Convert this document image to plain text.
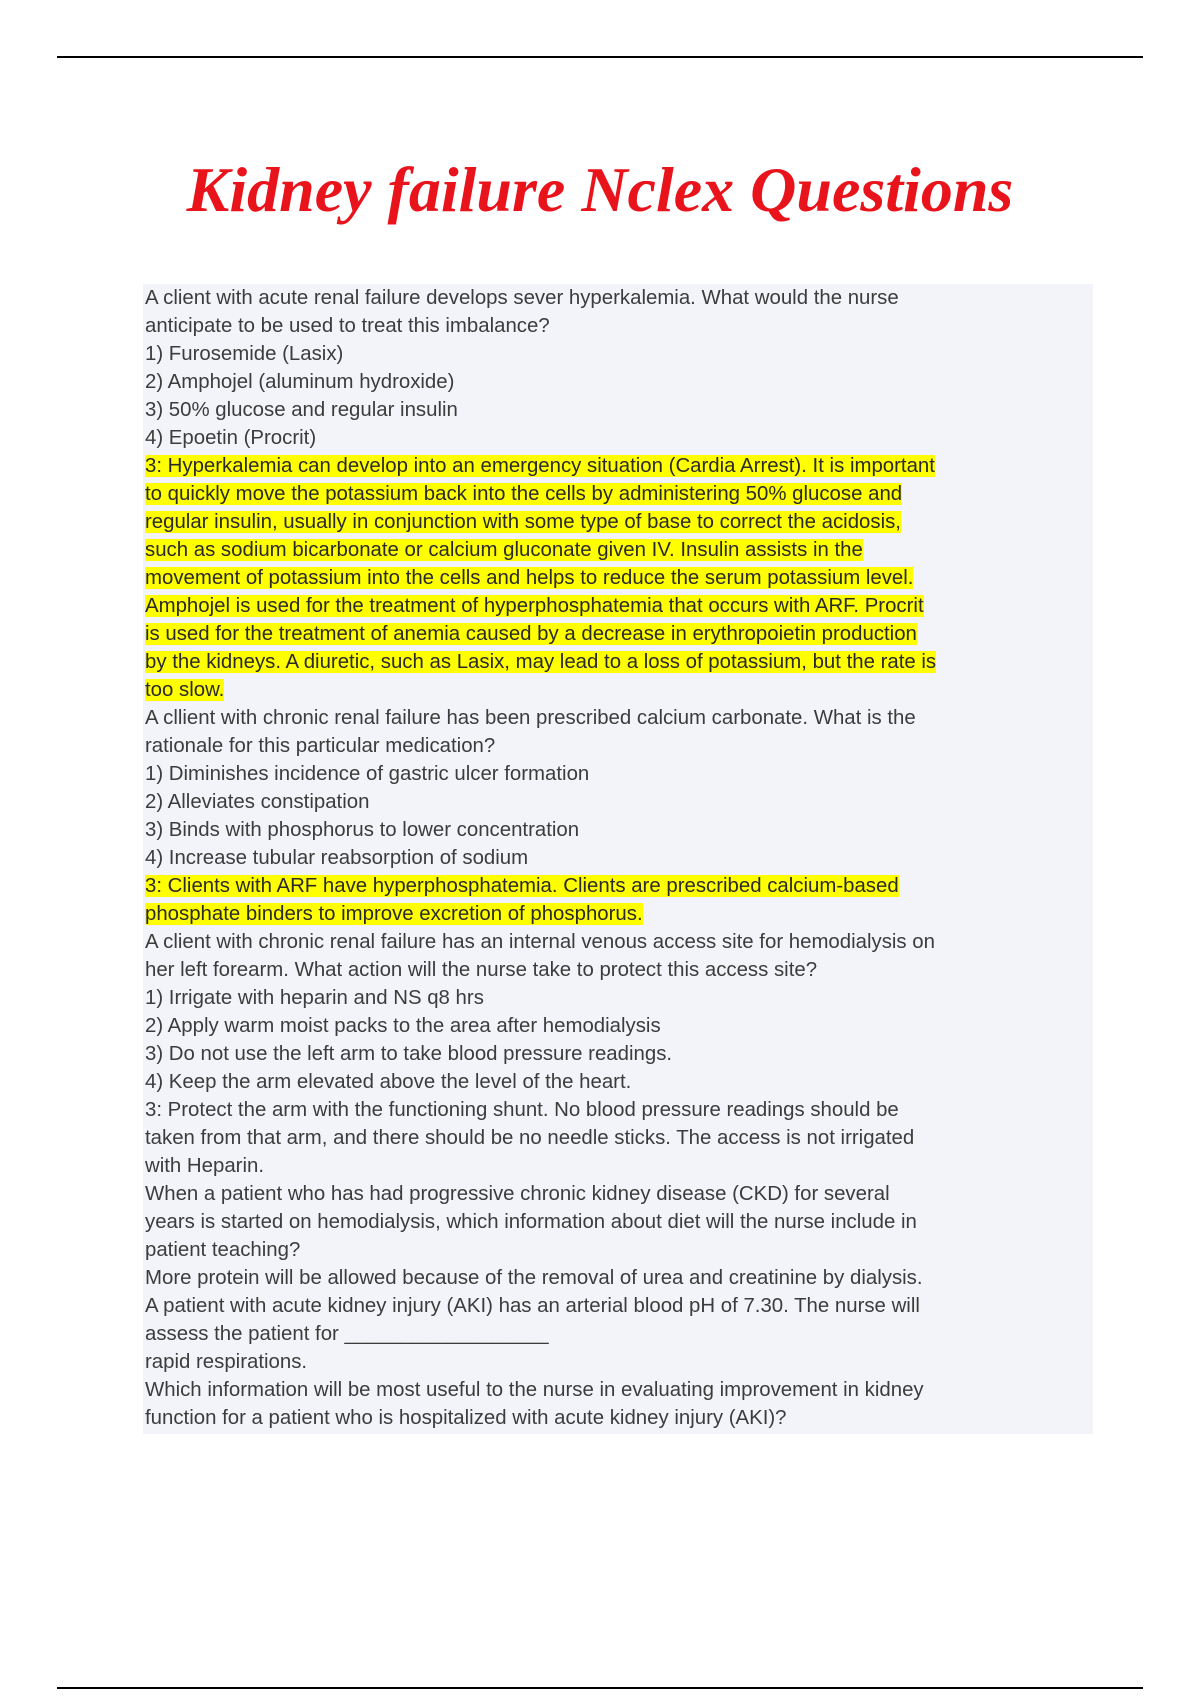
Kidney failure Nclex Questions
A client with acute renal failure develops sever hyperkalemia. What would the nurse
anticipate to be used to treat this imbalance?
1) Furosemide (Lasix)
2) Amphojel (aluminum hydroxide)
3) 50% glucose and regular insulin
4) Epoetin (Procrit)
3: Hyperkalemia can develop into an emergency situation (Cardia Arrest). It is important
to quickly move the potassium back into the cells by administering 50% glucose and
regular insulin, usually in conjunction with some type of base to correct the acidosis,
such as sodium bicarbonate or calcium gluconate given IV. Insulin assists in the
movement of potassium into the cells and helps to reduce the serum potassium level.
Amphojel is used for the treatment of hyperphosphatemia that occurs with ARF. Procrit
is used for the treatment of anemia caused by a decrease in erythropoietin production
by the kidneys. A diuretic, such as Lasix, may lead to a loss of potassium, but the rate is
too slow.
A cllient with chronic renal failure has been prescribed calcium carbonate. What is the
rationale for this particular medication?
1) Diminishes incidence of gastric ulcer formation
2) Alleviates constipation
3) Binds with phosphorus to lower concentration
4) Increase tubular reabsorption of sodium
3: Clients with ARF have hyperphosphatemia. Clients are prescribed calcium-based
phosphate binders to improve excretion of phosphorus.
A client with chronic renal failure has an internal venous access site for hemodialysis on
her left forearm. What action will the nurse take to protect this access site?
1) Irrigate with heparin and NS q8 hrs
2) Apply warm moist packs to the area after hemodialysis
3) Do not use the left arm to take blood pressure readings.
4) Keep the arm elevated above the level of the heart.
3: Protect the arm with the functioning shunt. No blood pressure readings should be
taken from that arm, and there should be no needle sticks. The access is not irrigated
with Heparin.
When a patient who has had progressive chronic kidney disease (CKD) for several
years is started on hemodialysis, which information about diet will the nurse include in
patient teaching?
More protein will be allowed because of the removal of urea and creatinine by dialysis.
A patient with acute kidney injury (AKI) has an arterial blood pH of 7.30. The nurse will
assess the patient for __________________
rapid respirations.
Which information will be most useful to the nurse in evaluating improvement in kidney
function for a patient who is hospitalized with acute kidney injury (AKI)?
